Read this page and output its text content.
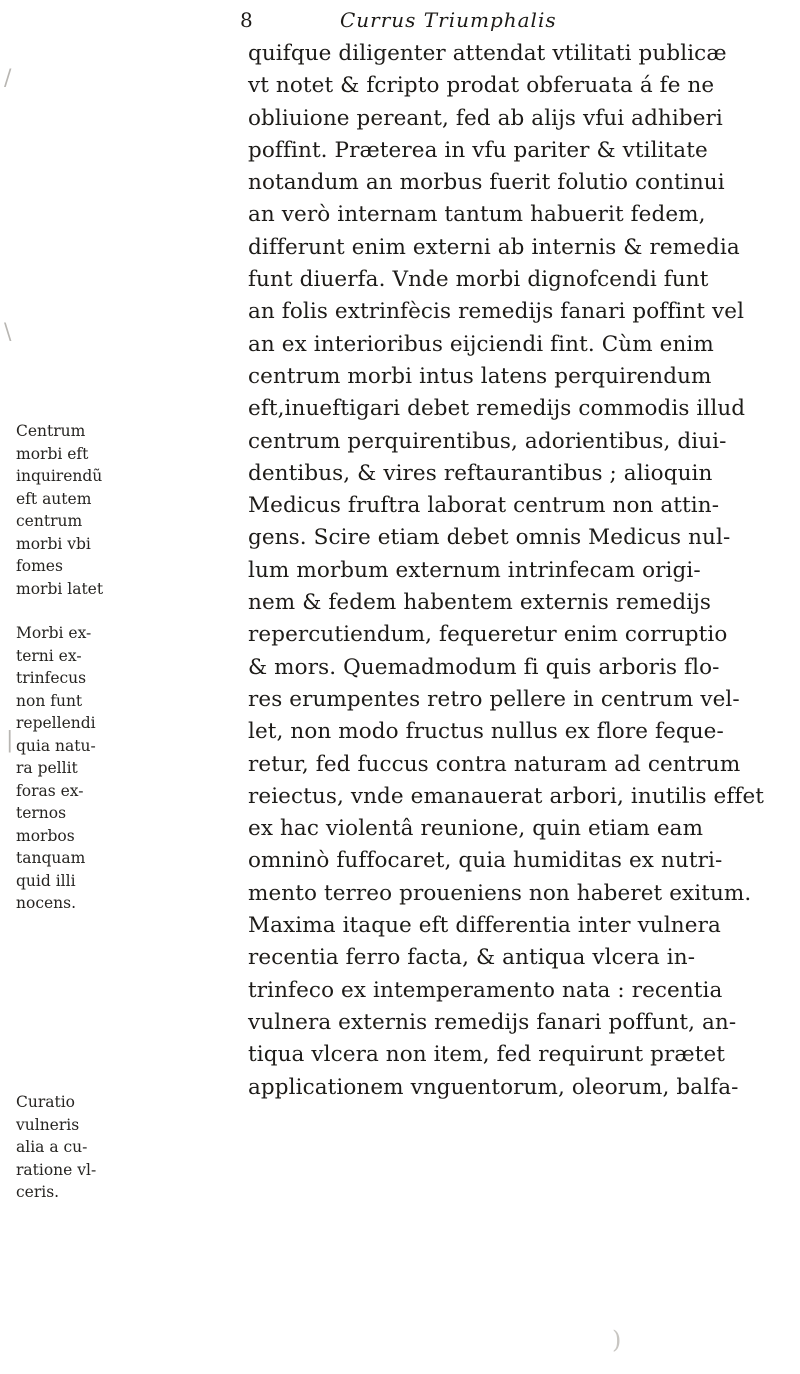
/
\
|
8	Currus Triumphalis
Centrum
morbi eft
inquirendũ
eft autem
centrum
morbi vbi
fomes
morbi latet
Morbi ex-
terni ex-
trinfecus
non funt
repellendi
quia natu-
ra pellit
foras ex-
ternos
morbos
tanquam
quid illi
nocens.
Curatio
vulneris
alia a cu-
ratione vl-
ceris.
quifque diligenter attendat vtilitati publicæ
vt notet & fcripto prodat obferuata á fe ne
obliuione pereant, fed ab alijs vfui adhiberi
poffint. Præterea in vfu pariter & vtilitate
notandum an morbus fuerit folutio continui
an verò internam tantum habuerit fedem,
differunt enim externi ab internis & remedia
funt diuerfa. Vnde morbi dignofcendi funt
an folis extrinfècis remedijs fanari poffint vel
an ex interioribus eijciendi fint. Cùm enim
centrum morbi intus latens perquirendum
eft,inueftigari debet remedijs commodis illud
centrum perquirentibus, adorientibus, diui-
dentibus, & vires reftaurantibus ; alioquin
Medicus fruftra laborat centrum non attin-
gens. Scire etiam debet omnis Medicus nul-
lum morbum externum intrinfecam origi-
nem & fedem habentem externis remedijs
repercutiendum, fequeretur enim corruptio
& mors. Quemadmodum fi quis arboris flo-
res erumpentes retro pellere in centrum vel-
let, non modo fructus nullus ex flore feque-
retur, fed fuccus contra naturam ad centrum
reiectus, vnde emanauerat arbori, inutilis effet
ex hac violentâ reunione, quin etiam eam
omninò fuffocaret, quia humiditas ex nutri-
mento terreo proueniens non haberet exitum.
Maxima itaque eft differentia inter vulnera
recentia ferro facta, & antiqua vlcera in-
trinfeco ex intemperamento nata : recentia
vulnera externis remedijs fanari poffunt, an-
tiqua vlcera non item, fed requirunt prætet
applicationem vnguentorum, oleorum, balfa-
)
